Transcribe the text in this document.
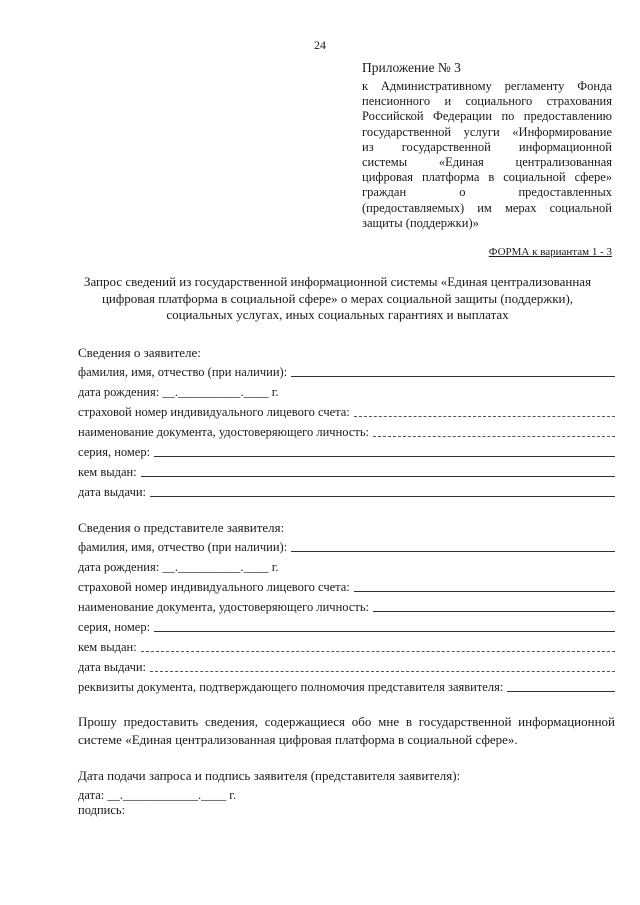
24
Приложение № 3
к Административному регламенту Фонда
пенсионного и социального страхования
Российской Федерации по предоставлению
государственной услуги «Информирование
из государственной информационной
системы «Единая централизованная
цифровая платформа в социальной сфере»
граждан о предоставленных
(предоставляемых) им мерах социальной
защиты (поддержки)»
ФОРМА к вариантам 1 - 3
Запрос сведений из государственной информационной системы «Единая централизованная
цифровая платформа в социальной сфере» о мерах социальной защиты (поддержки),
социальных услугах, иных социальных гарантиях и выплатах
Сведения о заявителе:
фамилия, имя, отчество (при наличии):
дата рождения: __.__________.____ г.
страховой номер индивидуального лицевого счета:
наименование документа, удостоверяющего личность:
серия, номер:
кем выдан:
дата выдачи:
Сведения о представителе заявителя:
фамилия, имя, отчество (при наличии):
дата рождения: __.__________.____ г.
страховой номер индивидуального лицевого счета:
наименование документа, удостоверяющего личность:
серия, номер:
кем выдан:
дата выдачи:
реквизиты документа, подтверждающего полномочия представителя заявителя:
Прошу предоставить сведения, содержащиеся обо мне в государственной информационной
системе «Единая централизованная цифровая платформа в социальной сфере».
Дата подачи запроса и подпись заявителя (представителя заявителя):
дата: __.____________.____ г.
подпись:
